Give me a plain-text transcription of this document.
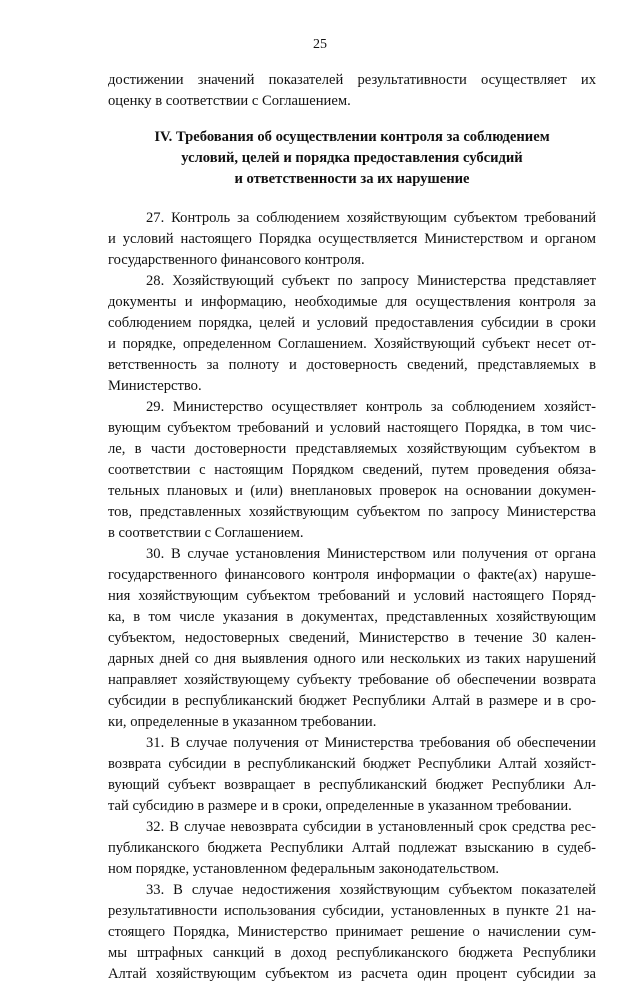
25
достижении значений показателей результативности осуществляет их
оценку в соответствии с Соглашением.
IV. Требования об осуществлении контроля за соблюдением
условий, целей и порядка предоставления субсидий
и ответственности за их нарушение
27. Контроль за соблюдением хозяйствующим субъектом требований
и условий настоящего Порядка осуществляется Министерством и органом
государственного финансового контроля.
28. Хозяйствующий субъект по запросу Министерства представляет
документы и информацию, необходимые для осуществления контроля за
соблюдением порядка, целей и условий предоставления субсидии в сроки
и порядке, определенном Соглашением. Хозяйствующий субъект несет от-
ветственность за полноту и достоверность сведений, представляемых в
Министерство.
29. Министерство осуществляет контроль за соблюдением хозяйст-
вующим субъектом требований и условий настоящего Порядка, в том чис-
ле, в части достоверности представляемых хозяйствующим субъектом в
соответствии с настоящим Порядком сведений, путем проведения обяза-
тельных плановых и (или) внеплановых проверок на основании докумен-
тов, представленных хозяйствующим субъектом по запросу Министерства
в соответствии с Соглашением.
30. В случае установления Министерством или получения от органа
государственного финансового контроля информации о факте(ах) наруше-
ния хозяйствующим субъектом требований и условий настоящего Поряд-
ка, в том числе указания в документах, представленных хозяйствующим
субъектом, недостоверных сведений, Министерство в течение 30 кален-
дарных дней со дня выявления одного или нескольких из таких нарушений
направляет хозяйствующему субъекту требование об обеспечении возврата
субсидии в республиканский бюджет Республики Алтай в размере и в сро-
ки, определенные в указанном требовании.
31. В случае получения от Министерства требования об обеспечении
возврата субсидии в республиканский бюджет Республики Алтай хозяйст-
вующий субъект возвращает в республиканский бюджет Республики Ал-
тай субсидию в размере и в сроки, определенные в указанном требовании.
32. В случае невозврата субсидии в установленный срок средства рес-
публиканского бюджета Республики Алтай подлежат взысканию в судеб-
ном порядке, установленном федеральным законодательством.
33. В случае недостижения хозяйствующим субъектом показателей
результативности использования субсидии, установленных в пункте 21 на-
стоящего Порядка, Министерство принимает решение о начислении сум-
мы штрафных санкций в доход республиканского бюджета Республики
Алтай хозяйствующим субъектом из расчета один процент субсидии за
